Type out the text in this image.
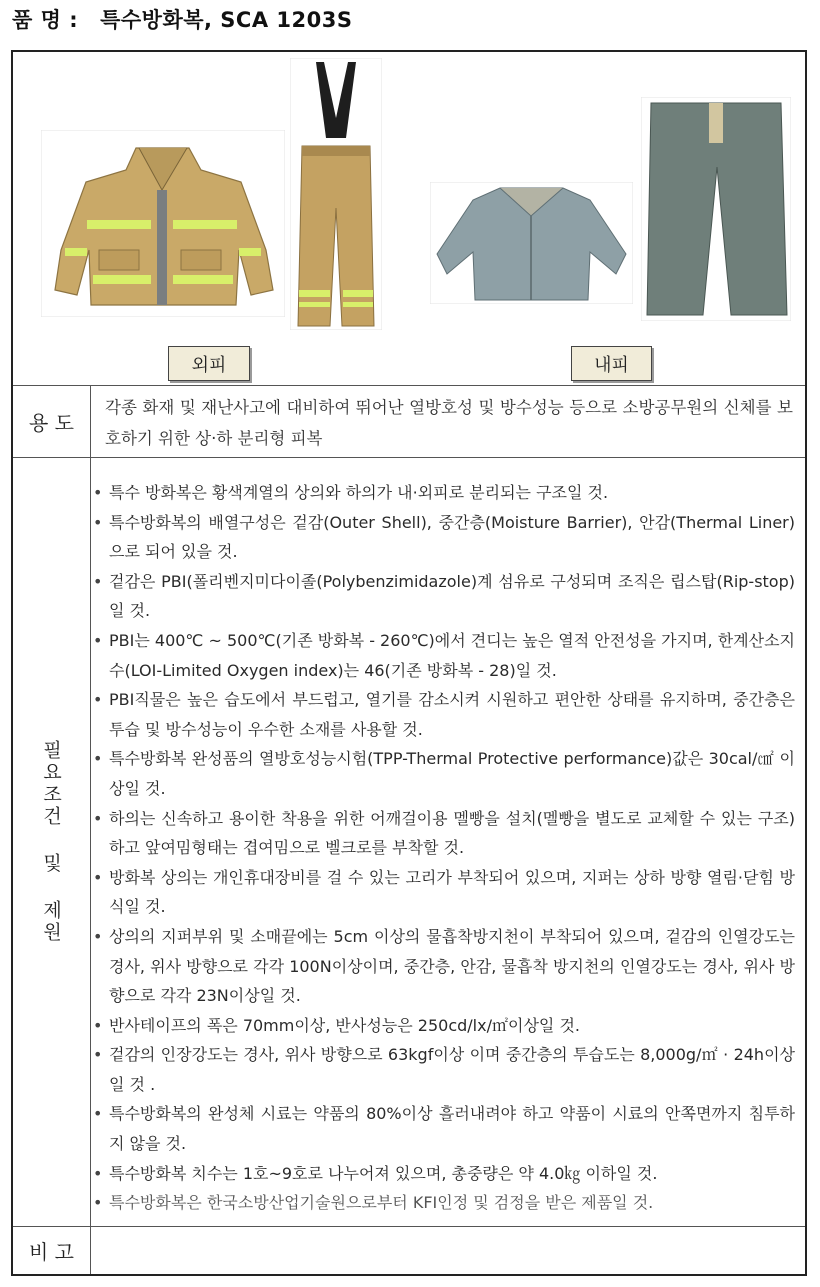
품 명 : 특수방화복, SCA 1203S
외피	내피
용 도
각종 화재 및 재난사고에 대비하여 뛰어난 열방호성 및 방수성능 등으로 소방공무원의 신체를 보호하기 위한 상·하 분리형 피복
필요조건 및 제원
• 특수 방화복은 황색계열의 상의와 하의가 내·외피로 분리되는 구조일 것.
• 특수방화복의 배열구성은 겉감(Outer Shell), 중간층(Moisture Barrier), 안감(Thermal Liner)으로 되어 있을 것.
• 겉감은 PBI(폴리벤지미다이졸(Polybenzimidazole)계 섬유로 구성되며 조직은 립스탑(Rip-stop)일 것.
• PBI는 400℃ ~ 500℃(기존 방화복 - 260℃)에서 견디는 높은 열적 안전성을 가지며, 한계산소지수(LOI-Limited Oxygen index)는 46(기존 방화복 - 28)일 것.
• PBI직물은 높은 습도에서 부드럽고, 열기를 감소시켜 시원하고 편안한 상태를 유지하며, 중간층은 투습 및 방수성능이 우수한 소재를 사용할 것.
• 특수방화복 완성품의 열방호성능시험(TPP-Thermal Protective performance)값은 30cal/㎠ 이상일 것.
• 하의는 신속하고 용이한 착용을 위한 어깨걸이용 멜빵을 설치(멜빵을 별도로 교체할 수 있는 구조)하고 앞여밈형태는 겹여밈으로 벨크로를 부착할 것.
• 방화복 상의는 개인휴대장비를 걸 수 있는 고리가 부착되어 있으며, 지퍼는 상하 방향 열림·닫힘 방식일 것.
• 상의의 지퍼부위 및 소매끝에는 5cm 이상의 물흡착방지천이 부착되어 있으며, 겉감의 인열강도는 경사, 위사 방향으로 각각 100N이상이며, 중간층, 안감, 물흡착 방지천의 인열강도는 경사, 위사 방향으로 각각 23N이상일 것.
• 반사테이프의 폭은 70mm이상, 반사성능은 250cd/lx/㎡이상일 것.
• 겉감의 인장강도는 경사, 위사 방향으로 63kgf이상 이며 중간층의 투습도는 8,000g/㎡ · 24h이상일 것 .
• 특수방화복의 완성체 시료는 약품의 80%이상 흘러내려야 하고 약품이 시료의 안쪽면까지 침투하지 않을 것.
• 특수방화복 치수는 1호~9호로 나누어져 있으며, 총중량은 약 4.0㎏ 이하일 것.
• 특수방화복은 한국소방산업기술원으로부터 KFI인정 및 검정을 받은 제품일 것.
비 고
